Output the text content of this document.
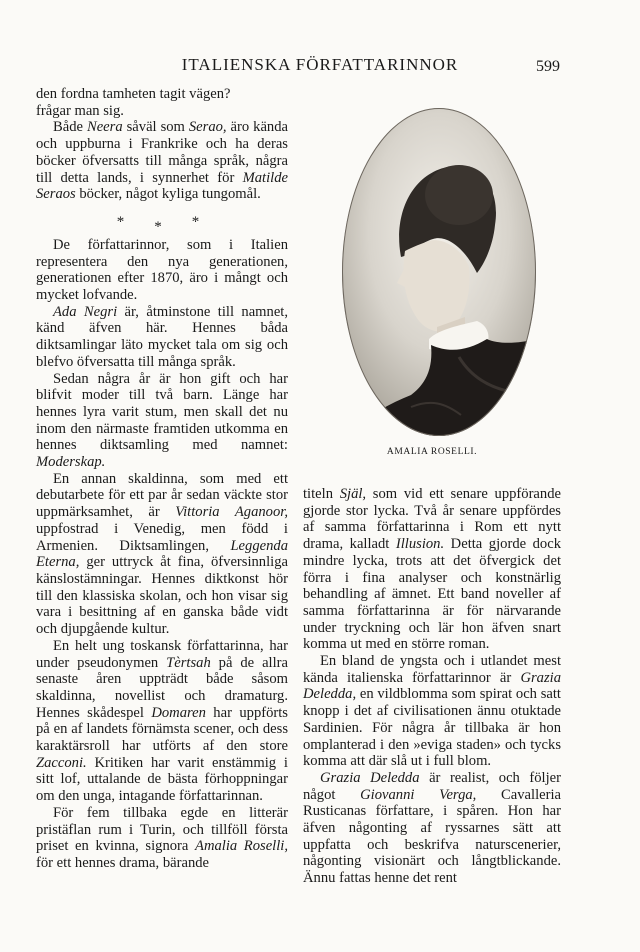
ITALIENSKA FÖRFATTARINNOR	599

den fordna tamheten tagit vägen?
frågar man sig.

Både Neera såväl som Serao, äro kända och uppburna i Frankrike och ha deras böcker öfversatts till många språk, några till detta lands, i synnerhet för Matilde Seraos böcker, något kyliga tungomål.

***

De författarinnor, som i Italien representera den nya generationen, generationen efter 1870, äro i mångt och mycket lofvande.

Ada Negri är, åtminstone till namnet, känd äfven här. Hennes båda diktsamlingar läto mycket tala om sig och blefvo öfversatta till många språk.

Sedan några år är hon gift och har blifvit moder till två barn. Länge har hennes lyra varit stum, men skall det nu inom den närmaste framtiden utkomma en hennes diktsamling med namnet: Moderskap.

En annan skaldinna, som med ett debutarbete för ett par år sedan väckte stor uppmärksamhet, är Vittoria Aganoor, uppfostrad i Venedig, men född i Armenien. Diktsamlingen, Leggenda Eterna, ger uttryck åt fina, öfversinnliga känslostämningar. Hennes diktkonst hör till den klassiska skolan, och hon visar sig vara i besittning af en ganska både vidt och djupgående kultur.

En helt ung toskansk författarinna, har under pseudonymen Tèrtsah på de allra senaste åren uppträdt både såsom skaldinna, novellist och dramaturg. Hennes skådespel Domaren har uppförts på en af landets förnämsta scener, och dess karaktärsroll har utförts af den store Zacconi. Kritiken har varit enstämmig i sitt lof, uttalande de bästa förhoppningar om den unga, intagande författarinnan.

För fem tillbaka egde en litterär pristäflan rum i Turin, och tillföll första priset en kvinna, signora Amalia Roselli, för ett hennes drama, bärande

AMALIA ROSELLI.

titeln Själ, som vid ett senare uppförande gjorde stor lycka. Två år senare uppfördes af samma författarinna i Rom ett nytt drama, kalladt Illusion. Detta gjorde dock mindre lycka, trots att det öfvergick det förra i fina analyser och konstnärlig behandling af ämnet. Ett band noveller af samma författarinna är för närvarande under tryckning och lär hon äfven snart komma ut med en större roman.

En bland de yngsta och i utlandet mest kända italienska författarinnor är Grazia Deledda, en vildblomma som spirat och satt knopp i det af civilisationen ännu otuktade Sardinien. För några år tillbaka är hon omplanterad i den »eviga staden» och tycks komma att där slå ut i full blom.

Grazia Deledda är realist, och följer något Giovanni Verga, Cavalleria Rusticanas författare, i spåren. Hon har äfven någonting af ryssarnes sätt att uppfatta och beskrifva naturscenerier, någonting visionärt och långtblickande. Ännu fattas henne det rent
